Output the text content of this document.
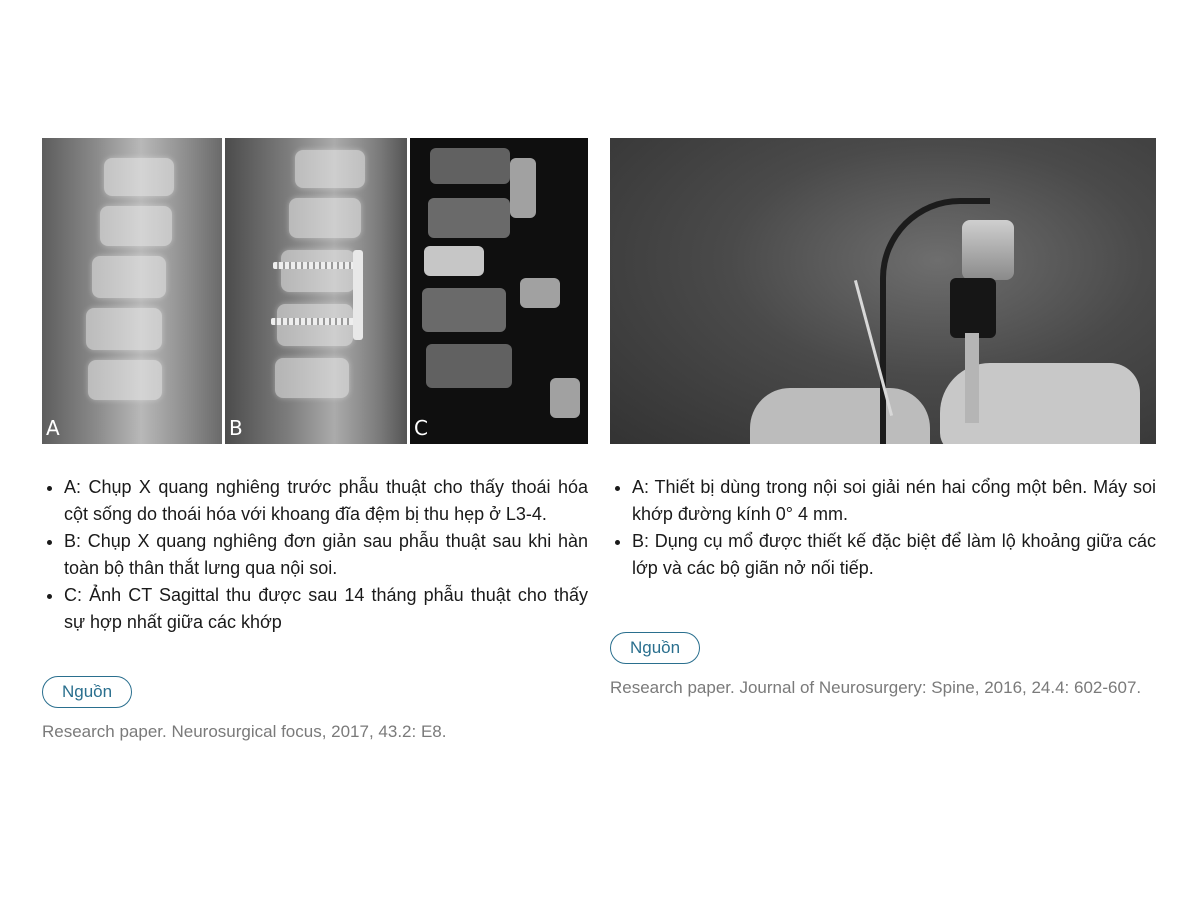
A	B	C
• A: Chụp X quang nghiêng trước phẫu thuật cho thấy thoái hóa cột sống do thoái hóa với khoang đĩa đệm bị thu hẹp ở L3-4.
• B: Chụp X quang nghiêng đơn giản sau phẫu thuật sau khi hàn toàn bộ thân thắt lưng qua nội soi.
• C: Ảnh CT Sagittal thu được sau 14 tháng phẫu thuật cho thấy sự hợp nhất giữa các khớp
Nguồn

Research paper. Neurosurgical focus, 2017, 43.2: E8.

• A: Thiết bị dùng trong nội soi giải nén hai cổng một bên. Máy soi khớp đường kính 0° 4 mm.
• B: Dụng cụ mổ được thiết kế đặc biệt để làm lộ khoảng giữa các lớp và các bộ giãn nở nối tiếp.
Nguồn

Research paper. Journal of Neurosurgery: Spine, 2016, 24.4: 602-607.
